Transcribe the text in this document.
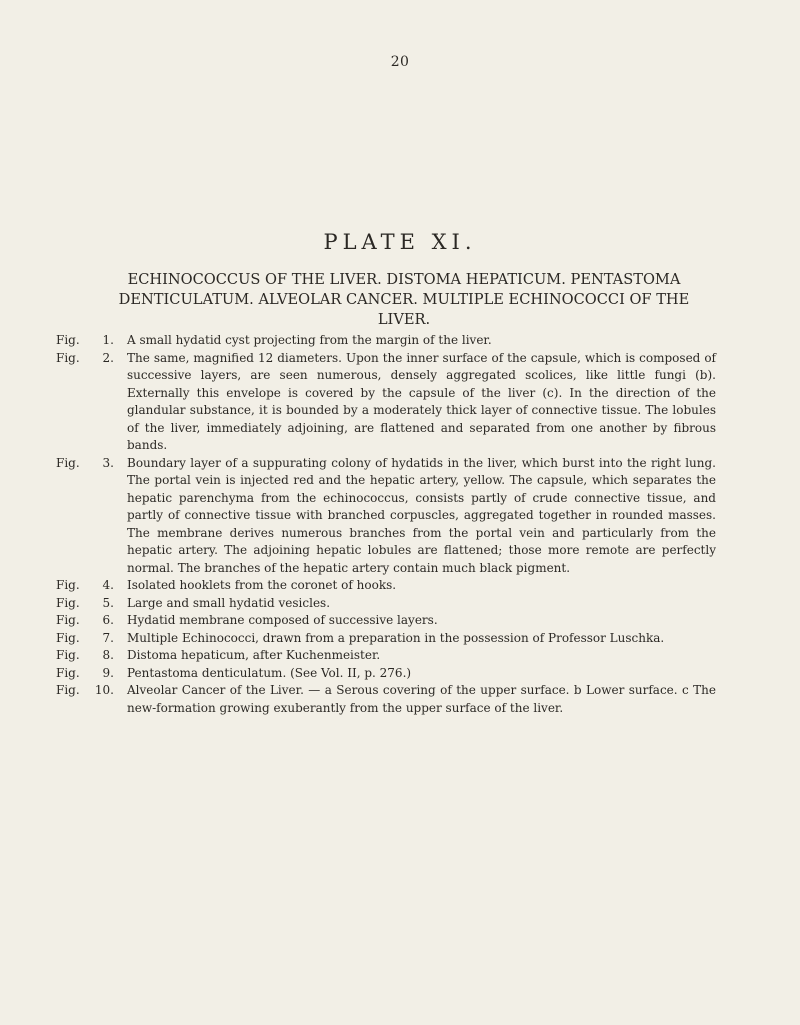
20
PLATE XI.
ECHINOCOCCUS OF THE LIVER. DISTOMA HEPATICUM. PENTASTOMA DENTICULATUM. ALVEOLAR CANCER. MULTIPLE ECHINOCOCCI OF THE LIVER.
Fig.	1.	A small hydatid cyst projecting from the margin of the liver.
Fig.	2.	The same, magnified 12 diameters. Upon the inner surface of the capsule, which is composed of successive layers, are seen numerous, densely aggregated scolices, like little fungi (b). Externally this envelope is covered by the capsule of the liver (c). In the direction of the glandular substance, it is bounded by a moderately thick layer of connective tissue. The lobules of the liver, immediately adjoining, are flattened and separated from one another by fibrous bands.
Fig.	3.	Boundary layer of a suppurating colony of hydatids in the liver, which burst into the right lung. The portal vein is injected red and the hepatic artery, yellow. The capsule, which separates the hepatic parenchyma from the echinococcus, consists partly of crude connective tissue, and partly of connective tissue with branched corpuscles, aggregated together in rounded masses. The membrane derives numerous branches from the portal vein and particularly from the hepatic artery. The adjoining hepatic lobules are flattened; those more remote are perfectly normal. The branches of the hepatic artery contain much black pigment.
Fig.	4.	Isolated hooklets from the coronet of hooks.
Fig.	5.	Large and small hydatid vesicles.
Fig.	6.	Hydatid membrane composed of successive layers.
Fig.	7.	Multiple Echinococci, drawn from a preparation in the possession of Professor Luschka.
Fig.	8.	Distoma hepaticum, after Kuchenmeister.
Fig.	9.	Pentastoma denticulatum. (See Vol. II, p. 276.)
Fig.	10.	Alveolar Cancer of the Liver. — a Serous covering of the upper surface. b Lower surface. c The new-formation growing exuberantly from the upper surface of the liver.
